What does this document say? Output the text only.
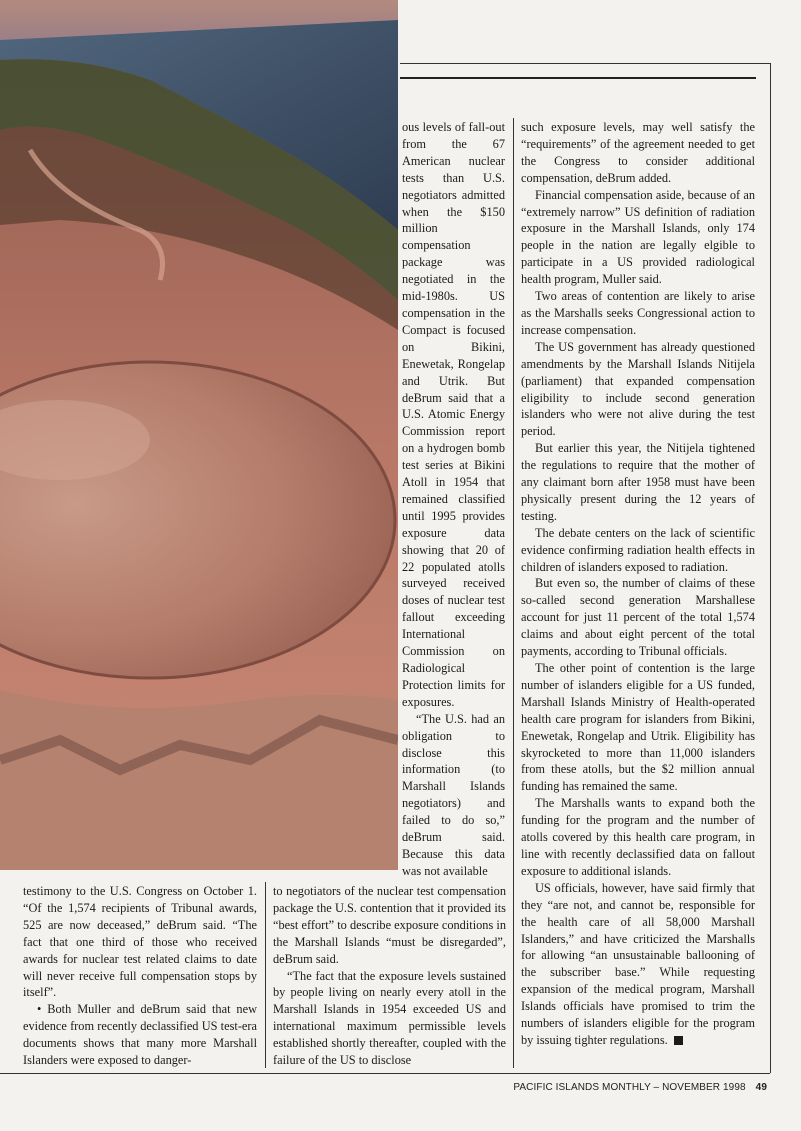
ous levels of fall-out from the 67 American nuclear tests than U.S. negotiators admitted when the $150 million compensation package was negotiated in the mid-1980s. US compensation in the Compact is focused on Bikini, Enewetak, Rongelap and Utrik. But deBrum said that a U.S. Atomic Energy Commission report on a hydrogen bomb test series at Bikini Atoll in 1954 that remained classified until 1995 provides exposure data showing that 20 of 22 populated atolls surveyed received doses of nuclear test fallout exceeding International Commission on Radiological Protection limits for exposures.

“The U.S. had an obligation to disclose this information (to Marshall Islands negotiators) and failed to do so,” deBrum said. Because this data was not available

such exposure levels, may well satisfy the “requirements” of the agreement needed to get the Congress to consider additional compensation, deBrum added.

Financial compensation aside, because of an “extremely narrow” US definition of radiation exposure in the Marshall Islands, only 174 people in the nation are legally elgible to participate in a US provided radiological health program, Muller said.

Two areas of contention are likely to arise as the Marshalls seeks Congressional action to increase compensation.

The US government has already questioned amendments by the Marshall Islands Nitijela (parliament) that expanded compensation eligibility to include second generation islanders who were not alive during the test period.

But earlier this year, the Nitijela tightened the regulations to require that the mother of any claimant born after 1958 must have been physically present during the 12 years of testing.

The debate centers on the lack of scientific evidence confirming radiation health effects in children of islanders exposed to radiation.

But even so, the number of claims of these so-called second generation Marshallese account for just 11 percent of the total 1,574 claims and about eight percent of the total payments, according to Tribunal officials.

The other point of contention is the large number of islanders eligible for a US funded, Marshall Islands Ministry of Health-operated health care program for islanders from Bikini, Enewetak, Rongelap and Utrik. Eligibility has skyrocketed to more than 11,000 islanders from these atolls, but the $2 million annual funding has remained the same.

The Marshalls wants to expand both the funding for the program and the number of atolls covered by this health care program, in line with recently declassified data on fallout exposure to additional islands.

US officials, however, have said firmly that they “are not, and cannot be, responsible for the health care of all 58,000 Marshall Islanders,” and have criticized the Marshalls for allowing “an unsustainable ballooning of the subscriber base.” While requesting expansion of the medical program, Marshall Islands officials have promised to trim the numbers of islanders eligible for the program by issuing tighter regulations.

testimony to the U.S. Congress on October 1. “Of the 1,574 recipients of Tribunal awards, 525 are now deceased,” deBrum said. “The fact that one third of those who received awards for nuclear test related claims to date will never receive full compensation stops by itself”.

• Both Muller and deBrum said that new evidence from recently declassified US test-era documents shows that many more Marshall Islanders were exposed to danger-

to negotiators of the nuclear test compensation package the U.S. contention that it provided its “best effort” to describe exposure conditions in the Marshall Islands “must be disregarded”, deBrum said.

“The fact that the exposure levels sustained by people living on nearly every atoll in the Marshall Islands in 1954 exceeded US and international maximum permissible levels established shortly thereafter, coupled with the failure of the US to disclose

PACIFIC ISLANDS MONTHLY – NOVEMBER 1998 49
